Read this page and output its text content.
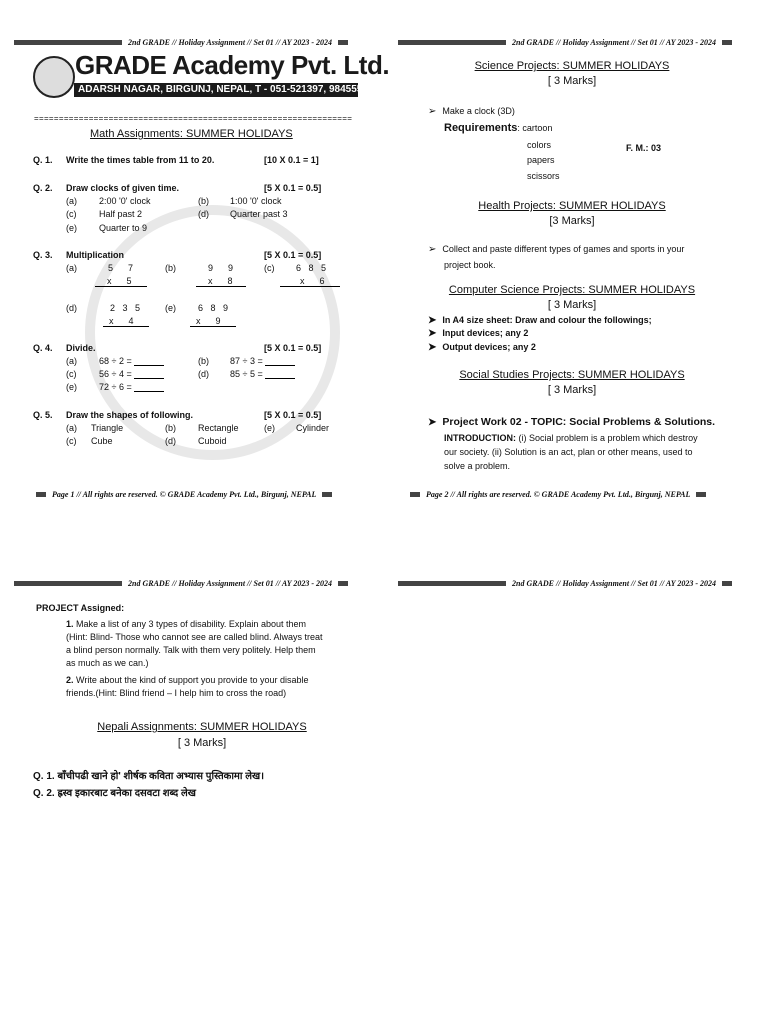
2nd GRADE // Holiday Assignment // Set 01 // AY 2023 - 2024
GRADE Academy Pvt. Ltd.
ADARSH NAGAR, BIRGUNJ, NEPAL, T - 051-521397, 9845558214
================================================================
Math Assignments: SUMMER HOLIDAYS
Q. 1. Write the times table from 11 to 20.	[10 X 0.1 = 1]
Q. 2. Draw clocks of given time.	[5 X 0.1 = 0.5]
(a) 2:00 '0' clock	(b) 1:00 '0' clock
(c)	Half past 2	(d) Quarter past 3
(e) Quarter to 9
Q. 3. Multiplication	[5 X 0.1 = 0.5]
(a)	5      7
x      5
(b)	9      9
x      8
(c) 6   8   5
x      6
(d)	2   3   5
x      4
(e) 6   8   9
x      9
Q. 4. Divide.	[5 X 0.1 = 0.5]
(a) 68 ÷ 2 =	(b) 87 ÷ 3 =
(c)	56 ÷ 4 =	(d) 85 ÷ 5 =
(e) 72 ÷ 6 =
Q. 5. Draw the shapes of following.	[5 X 0.1 = 0.5]
(a) Triangle	(b) Rectangle	(e) Cylinder
(c) Cube	(d) Cuboid
Page 1 // All rights are reserved. © GRADE Academy Pvt. Ltd., Birgunj, NEPAL
2nd GRADE // Holiday Assignment // Set 01 // AY 2023 - 2024
Science Projects: SUMMER HOLIDAYS
[ 3 Marks]
➢ Make a clock (3D)
Requirements: cartoon
colors
papers
scissors
F. M.: 03
Health Projects: SUMMER HOLIDAYS
[3 Marks]
➢ Collect and paste different types of games and sports in your
project book.
Computer Science Projects: SUMMER HOLIDAYS
[ 3 Marks]
➤ In A4 size sheet: Draw and colour the followings;
➤ Input devices; any 2
➤ Output devices; any 2
Social Studies Projects: SUMMER HOLIDAYS
[ 3 Marks]
➤ Project Work 02 - TOPIC: Social Problems & Solutions.
INTRODUCTION: (i) Social problem is a problem which destroy
our society. (ii) Solution is an act, plan or other means, used to
solve a problem.
Page 2 // All rights are reserved. © GRADE Academy Pvt. Ltd., Birgunj, NEPAL
2nd GRADE // Holiday Assignment // Set 01 // AY 2023 - 2024
PROJECT Assigned:
1. Make a list of any 3 types of disability. Explain about them
(Hint: Blind- Those who cannot see are called blind. Always treat
a blind person normally. Talk with them very politely. Help them
as much as we can.)
2. Write about the kind of support you provide to your disable
friends.(Hint: Blind friend – I help him to cross the road)
Nepali Assignments: SUMMER HOLIDAYS
[ 3 Marks]
Q. 1. बाँचीपढी खाने हो' शीर्षक कविता अभ्यास पुस्तिकामा लेख।
Q. 2. ह्रस्व इकारबाट बनेका दसवटा शब्द लेख
2nd GRADE // Holiday Assignment // Set 01 // AY 2023 - 2024
